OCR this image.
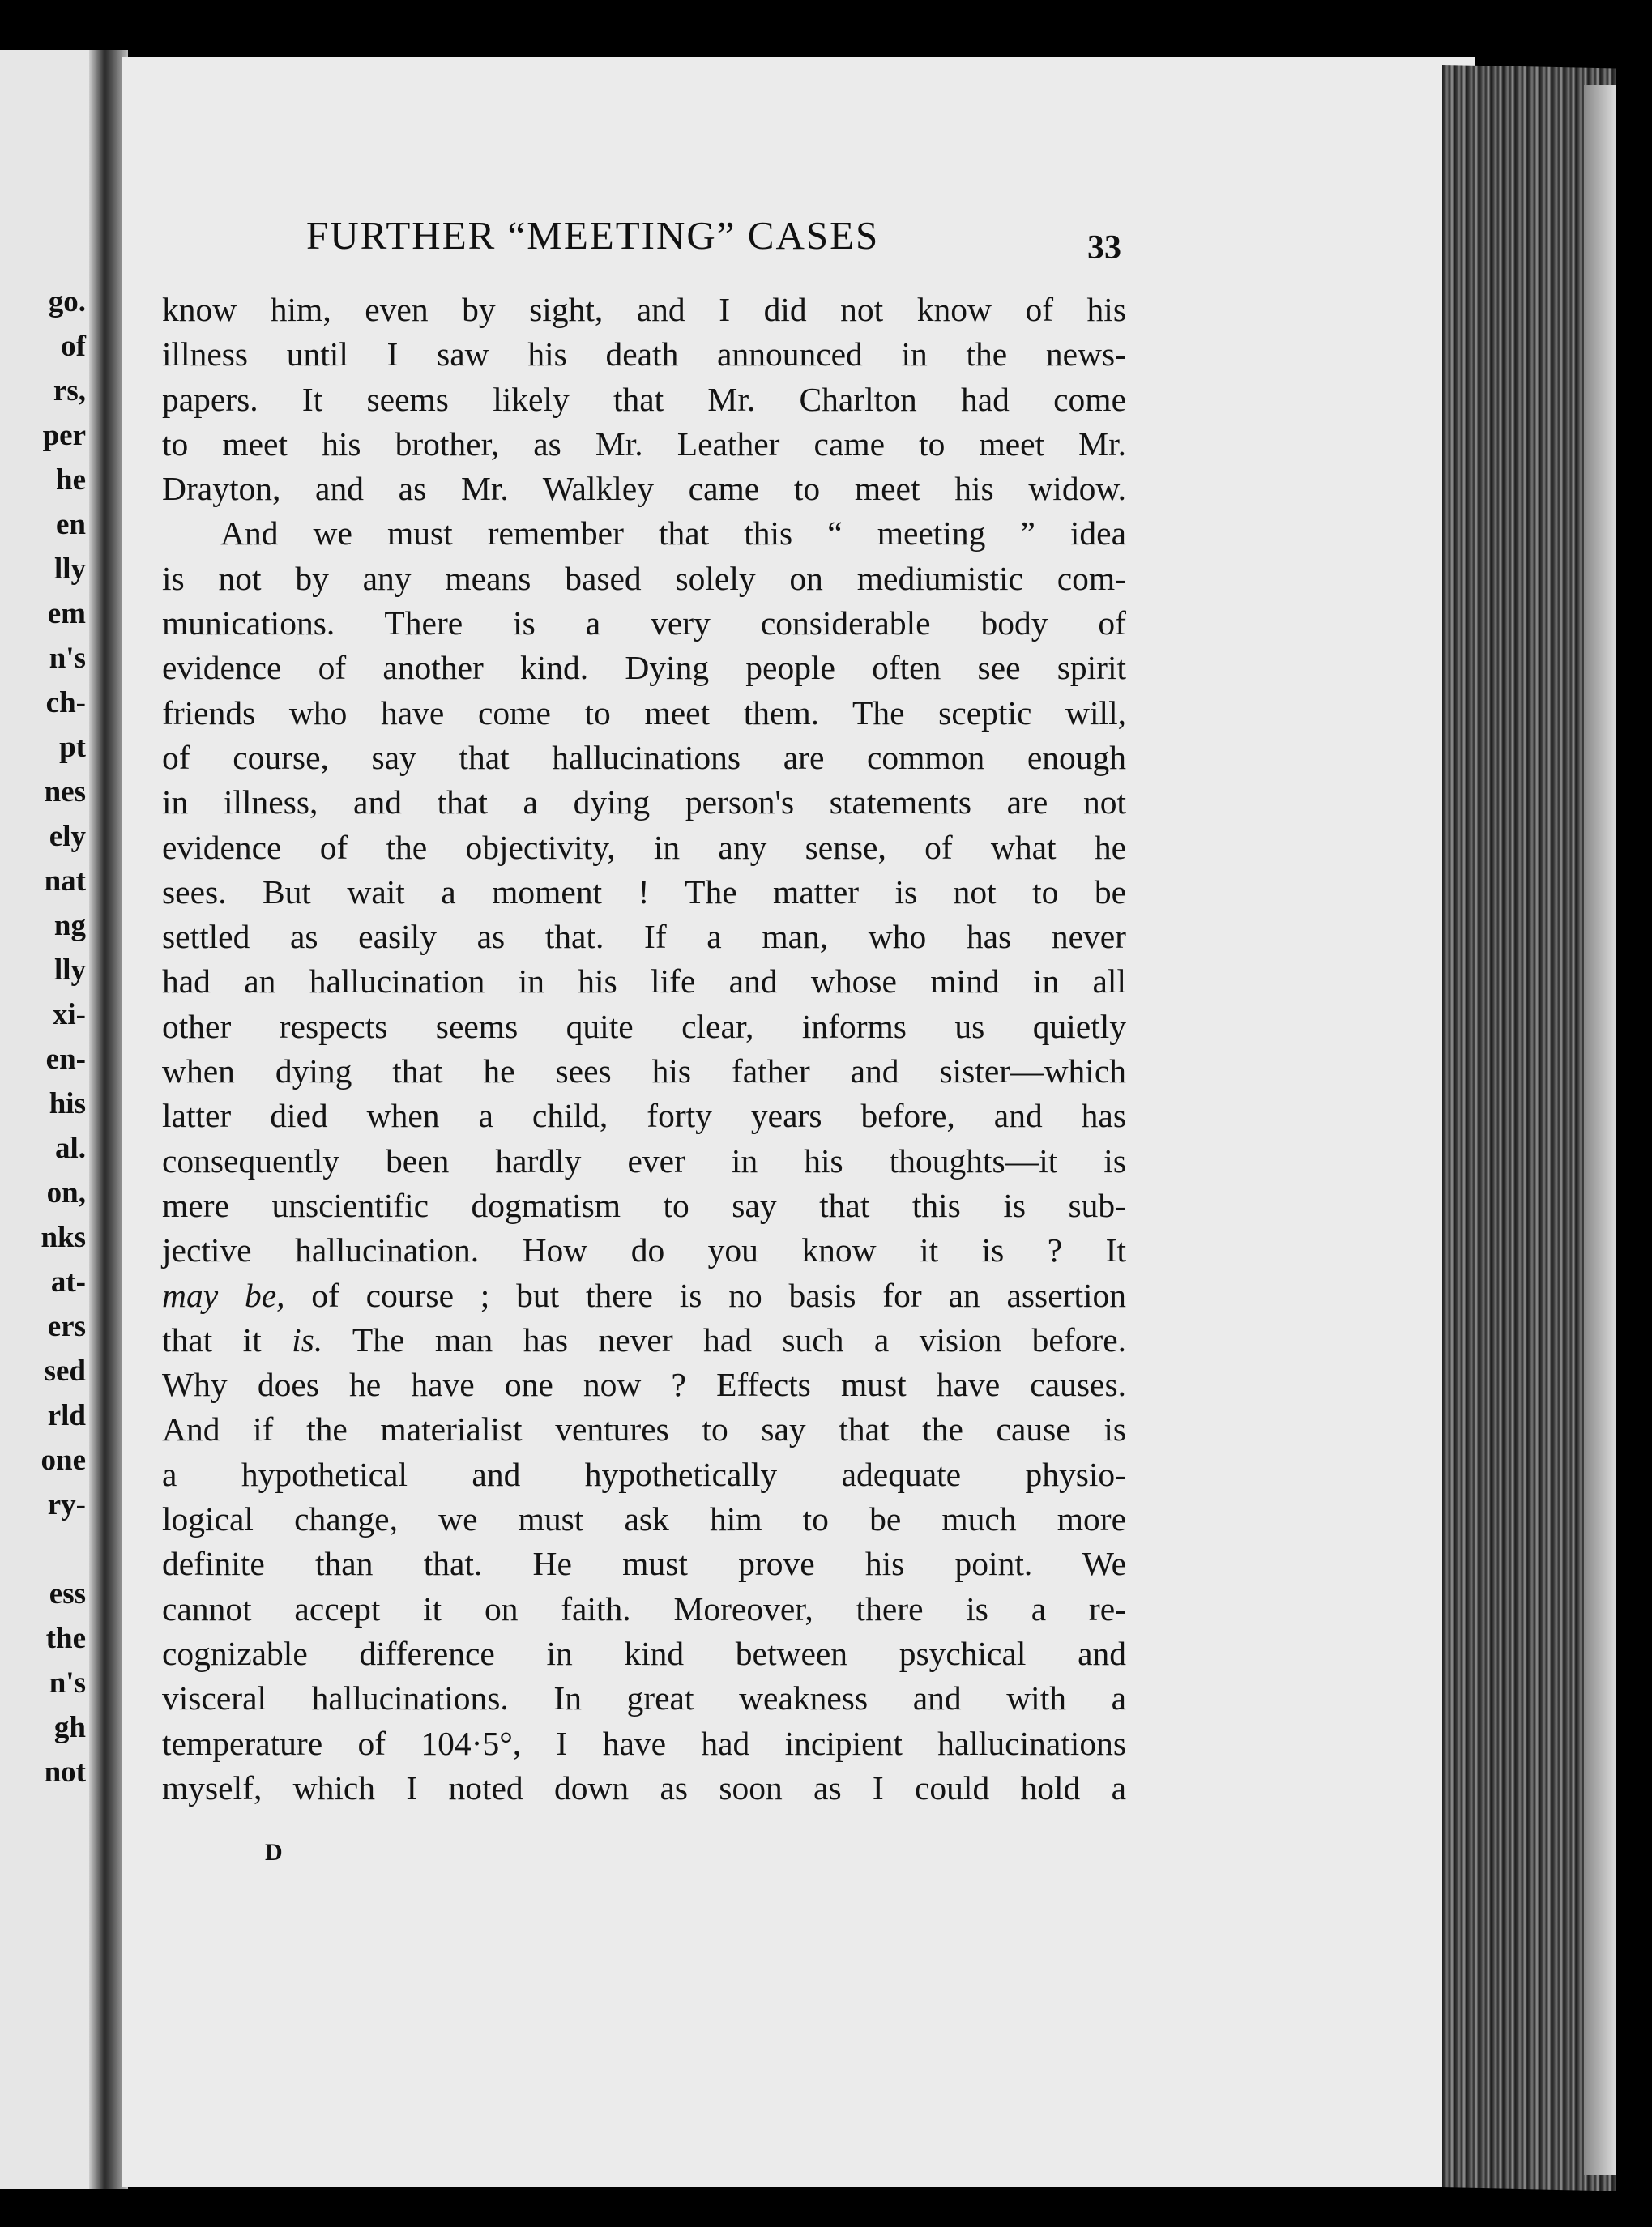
go.
of
rs,
per
he
en
lly
em
n's
ch-
pt
nes
ely
nat
ng
lly
xi-
en-
his
al.
on,
nks
at-
ers
sed
rld
one
ry-
ess
the
n's
gh
not
FURTHER “MEETING” CASES	33
know him, even by sight, and I did not know of his
illness until I saw his death announced in the news-
papers. It seems likely that Mr. Charlton had come
to meet his brother, as Mr. Leather came to meet Mr.
Drayton, and as Mr. Walkley came to meet his widow.
And we must remember that this “ meeting ” idea
is not by any means based solely on mediumistic com-
munications. There is a very considerable body of
evidence of another kind. Dying people often see spirit
friends who have come to meet them. The sceptic will,
of course, say that hallucinations are common enough
in illness, and that a dying person's statements are not
evidence of the objectivity, in any sense, of what he
sees. But wait a moment ! The matter is not to be
settled as easily as that. If a man, who has never
had an hallucination in his life and whose mind in all
other respects seems quite clear, informs us quietly
when dying that he sees his father and sister—which
latter died when a child, forty years before, and has
consequently been hardly ever in his thoughts—it is
mere unscientific dogmatism to say that this is sub-
jective hallucination. How do you know it is ? It
may be, of course ; but there is no basis for an assertion
that it is. The man has never had such a vision before.
Why does he have one now ? Effects must have causes.
And if the materialist ventures to say that the cause is
a hypothetical and hypothetically adequate physio-
logical change, we must ask him to be much more
definite than that. He must prove his point. We
cannot accept it on faith. Moreover, there is a re-
cognizable difference in kind between psychical and
visceral hallucinations. In great weakness and with a
temperature of 104·5°, I have had incipient hallucinations
myself, which I noted down as soon as I could hold a
D
